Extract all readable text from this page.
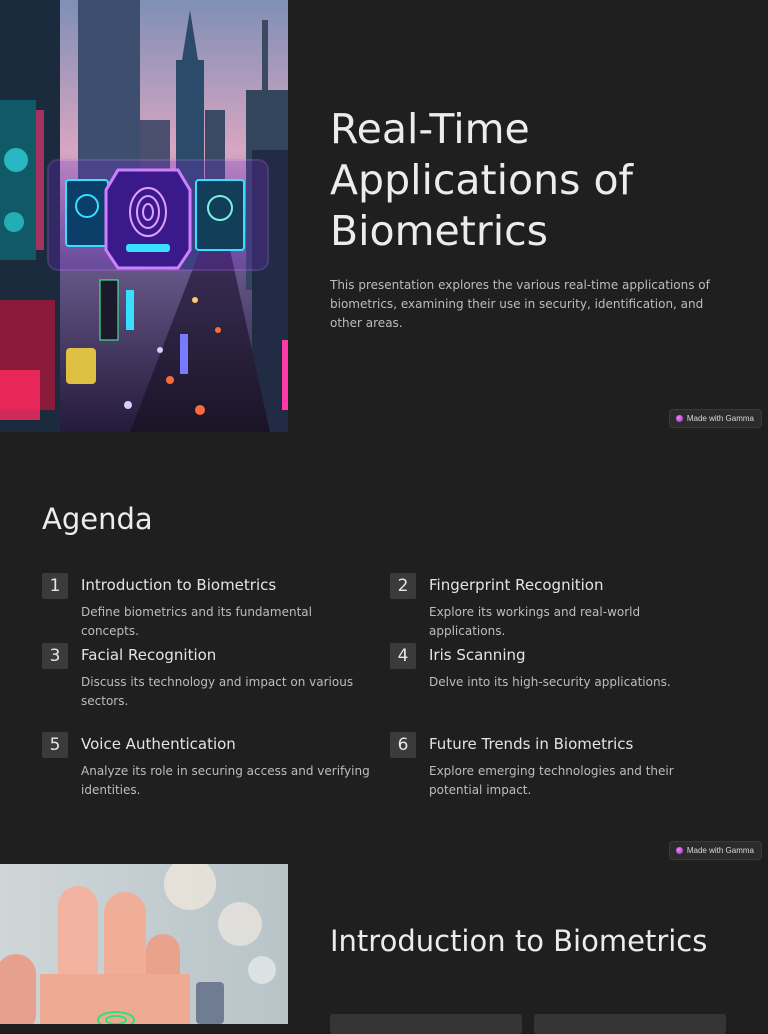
Real-Time Applications of Biometrics

This presentation explores the various real-time applications of biometrics, examining their use in security, identification, and other areas.

Made with Gamma
Agenda
1	Introduction to Biometrics
Define biometrics and its fundamental concepts.
2	Fingerprint Recognition
Explore its workings and real-world applications.
3	Facial Recognition
Discuss its technology and impact on various sectors.
4	Iris Scanning
Delve into its high-security applications.
5	Voice Authentication
Analyze its role in securing access and verifying identities.
6	Future Trends in Biometrics
Explore emerging technologies and their potential impact.
Made with Gamma
Introduction to Biometrics
